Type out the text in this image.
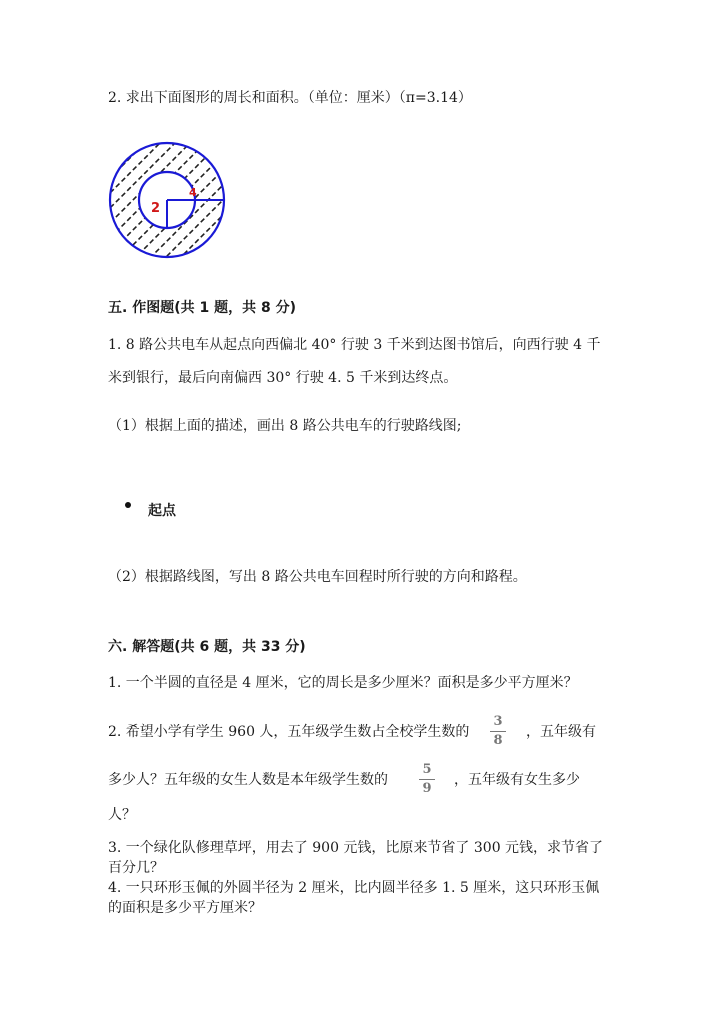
2. 求出下面图形的周长和面积。（单位：厘米）（π=3.14）
2
4
五. 作图题(共 1 题，共 8 分)
1. 8 路公共电车从起点向西偏北 40° 行驶 3 千米到达图书馆后，向西行驶 4 千
米到银行，最后向南偏西 30° 行驶 4. 5 千米到达终点。
（1）根据上面的描述，画出 8 路公共电车的行驶路线图;
起点
（2）根据路线图，写出 8 路公共电车回程时所行驶的方向和路程。
六. 解答题(共 6 题，共 33 分)
1. 一个半圆的直径是 4 厘米，它的周长是多少厘米？面积是多少平方厘米？
2. 希望小学有学生 960 人，五年级学生数占全校学生数的
3
8
，五年级有
多少人？五年级的女生人数是本年级学生数的
5
9
，五年级有女生多少
人？
3. 一个绿化队修理草坪，用去了 900 元钱，比原来节省了 300 元钱，求节省了
百分几？
4. 一只环形玉佩的外圆半径为 2 厘米，比内圆半径多 1. 5 厘米，这只环形玉佩
的面积是多少平方厘米？
